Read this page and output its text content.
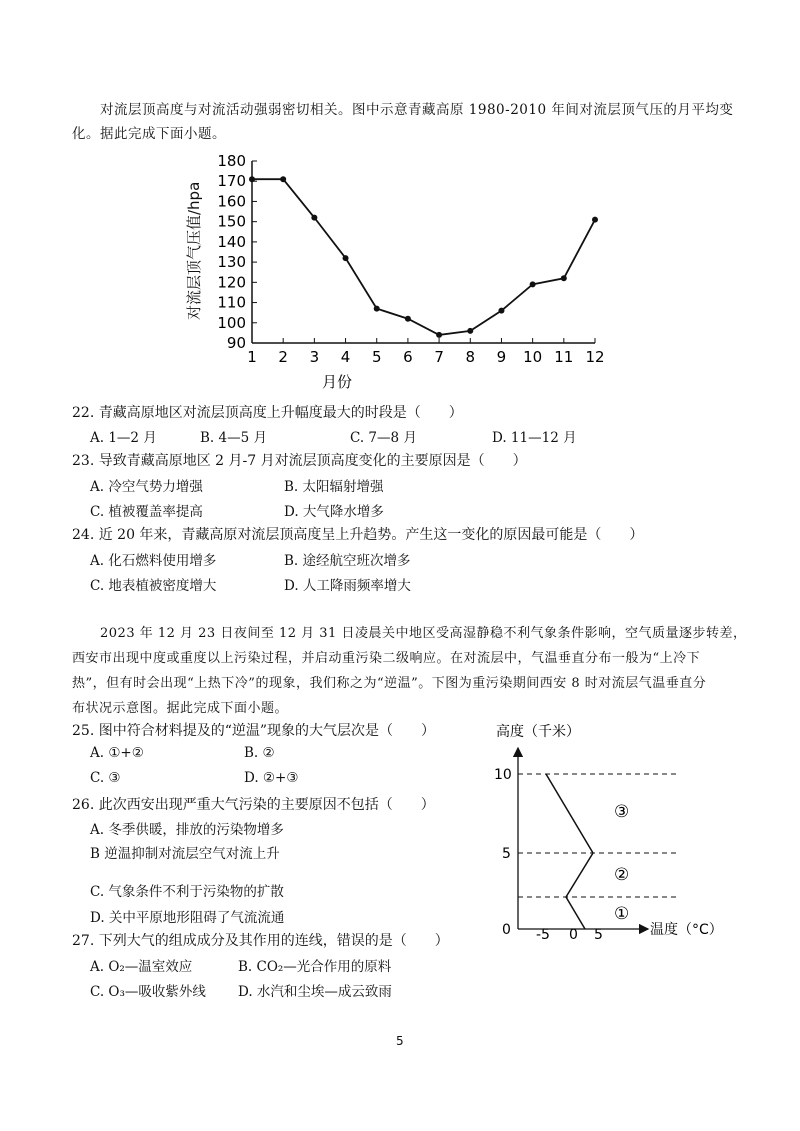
对流层顶高度与对流活动强弱密切相关。图中示意青藏高原 1980-2010 年间对流层顶气压的月平均变
化。据此完成下面小题。
90
100
110
120
130
140
150
160
170
180
1 2 3 4 5 6 7 8 9 10 11 12
月份
对流层顶气压值/hpa
22. 青藏高原地区对流层顶高度上升幅度最大的时段是（　　）
A. 1—2 月	B. 4—5 月	C. 7—8 月	D. 11—12 月
23. 导致青藏高原地区 2 月-7 月对流层顶高度变化的主要原因是（　　）
A. 冷空气势力增强	B. 太阳辐射增强
C. 植被覆盖率提高	D. 大气降水增多
24. 近 20 年来，青藏高原对流层顶高度呈上升趋势。产生这一变化的原因最可能是（　　）
A. 化石燃料使用增多	B. 途经航空班次增多
C. 地表植被密度增大	D. 人工降雨频率增大
2023 年 12 月 23 日夜间至 12 月 31 日凌晨关中地区受高湿静稳不利气象条件影响，空气质量逐步转差，
西安市出现中度或重度以上污染过程，并启动重污染二级响应。在对流层中，气温垂直分布一般为“上冷下
热”，但有时会出现“上热下冷”的现象，我们称之为“逆温”。下图为重污染期间西安 8 时对流层气温垂直分
布状况示意图。据此完成下面小题。
25. 图中符合材料提及的“逆温”现象的大气层次是（　　）
A. ①+②	B. ②
C. ③	D. ②+③
26. 此次西安出现严重大气污染的主要原因不包括（　　）
A. 冬季供暖，排放的污染物增多
B 逆温抑制对流层空气对流上升
C. 气象条件不利于污染物的扩散
D. 关中平原地形阻碍了气流流通
27. 下列大气的组成成分及其作用的连线，错误的是（　　）
A. O₂—温室效应	B. CO₂—光合作用的原料
C. O₃—吸收紫外线 D. 水汽和尘埃—成云致雨
高度（千米）
温度（°C）
0
5
10
-5 0 5
③
②
①
5
